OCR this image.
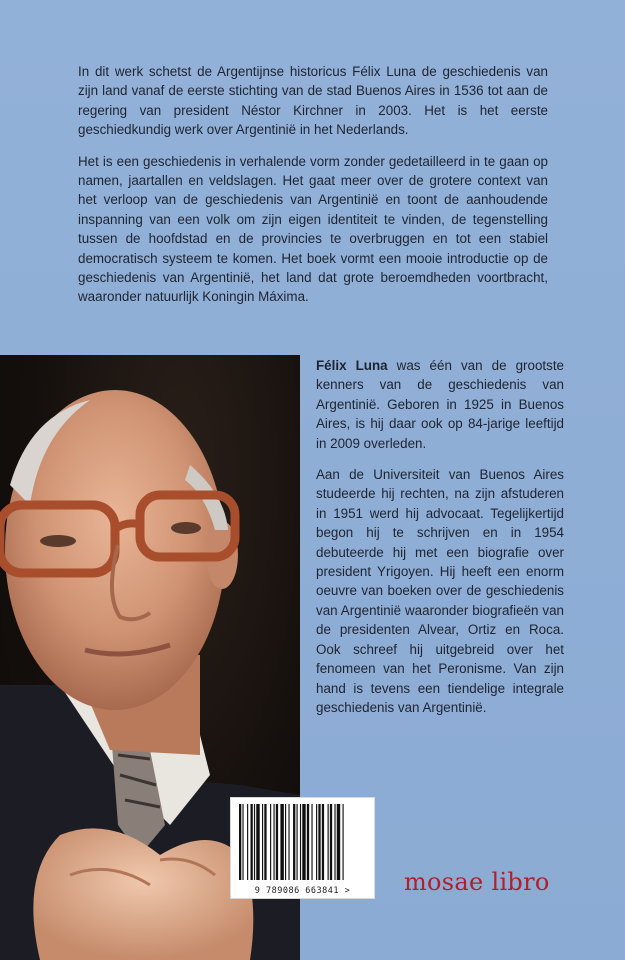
In dit werk schetst de Argentijnse historicus Félix Luna de geschiedenis van zijn land vanaf de eerste stichting van de stad Buenos Aires in 1536 tot aan de regering van president Néstor Kirchner in 2003. Het is het eerste geschiedkundig werk over Argentinië in het Nederlands.

Het is een geschiedenis in verhalende vorm zonder gedetailleerd in te gaan op namen, jaartallen en veldslagen. Het gaat meer over de grotere context van het verloop van de geschiedenis van Argentinië en toont de aanhoudende inspanning van een volk om zijn eigen identiteit te vinden, de tegenstelling tussen de hoofdstad en de provincies te overbruggen en tot een stabiel democratisch systeem te komen. Het boek vormt een mooie introductie op de geschiedenis van Argentinië, het land dat grote beroemdheden voortbracht, waaronder natuurlijk Koningin Máxima.

Félix Luna was één van de grootste kenners van de geschiedenis van Argentinië. Geboren in 1925 in Buenos Aires, is hij daar ook op 84-jarige leeftijd in 2009 overleden.

Aan de Universiteit van Buenos Aires studeerde hij rechten, na zijn afstuderen in 1951 werd hij advocaat. Tegelijkertijd begon hij te schrijven en in 1954 debuteerde hij met een biografie over president Yrigoyen. Hij heeft een enorm oeuvre van boeken over de geschiedenis van Argentinië waaronder biografieën van de presidenten Alvear, Ortiz en Roca. Ook schreef hij uitgebreid over het fenomeen van het Peronisme. Van zijn hand is tevens een tiendelige integrale geschiedenis van Argentinië.

9 789086 663841 >	mosae libro
